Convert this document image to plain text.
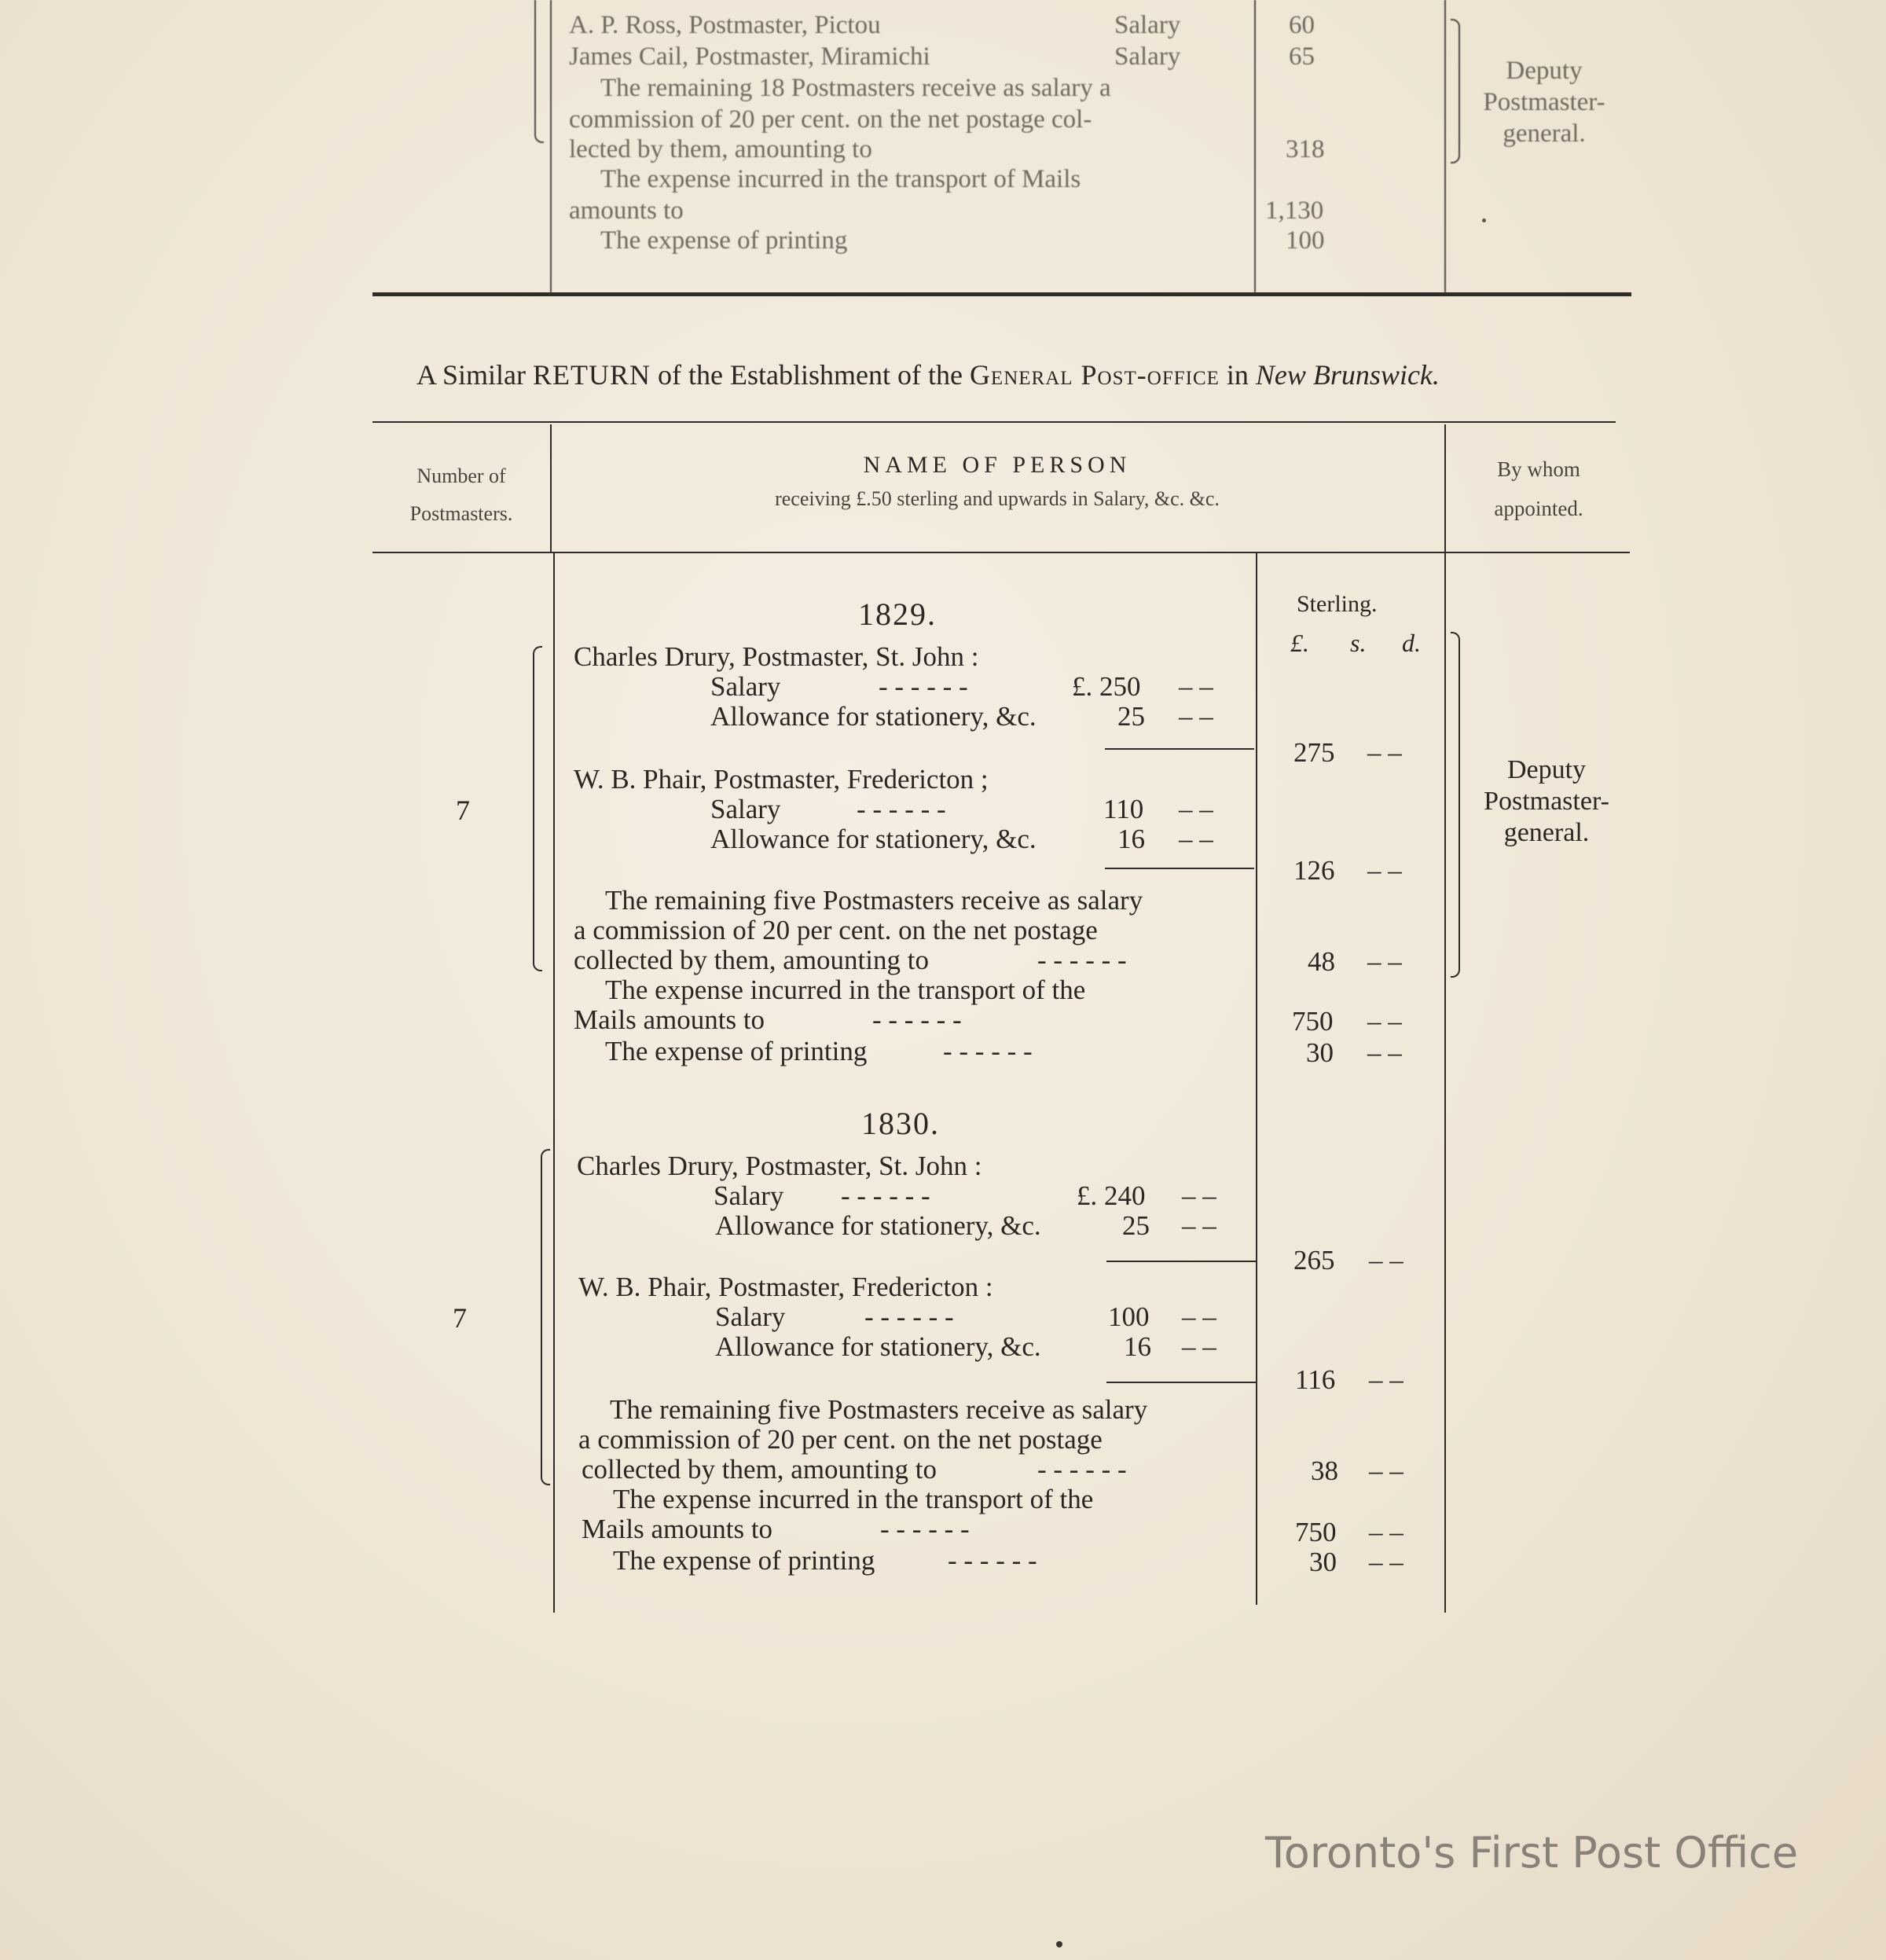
A. P. Ross, Postmaster, Pictou	Salary	60
James Cail, Postmaster, Miramichi	Salary	65
The remaining 18 Postmasters receive as salary a
commission of 20 per cent. on the net postage col-
lected by them, amounting to	318
The expense incurred in the transport of Mails
amounts to	1,130
The expense of printing	100
Deputy
Postmaster-
general.
A Similar RETURN of the Establishment of the General Post-office in New Brunswick.
Number of
Postmasters.
NAME OF PERSON
receiving £.50 sterling and upwards in Salary, &c. &c.
By whom
appointed.
Sterling.
£. s. d.
1829.
7
Charles Drury, Postmaster, St. John :
Salary	- - - - - -	£. 250 – –
Allowance for stationery, &c.	25 – –
275 – –
W. B. Phair, Postmaster, Fredericton ;
Salary	- - - - - -	110 – –
Allowance for stationery, &c.	16 – –
126 – –
The remaining five Postmasters receive as salary
a commission of 20 per cent. on the net postage
collected by them, amounting to	- - - - - -	48 – –
The expense incurred in the transport of the
Mails amounts to	- - - - - -	750 – –
The expense of printing	- - - - - -	30 – –
Deputy
Postmaster-
general.
1830.
7
Charles Drury, Postmaster, St. John :
Salary - - - - - -	£. 240 – –
Allowance for stationery, &c.	25 – –
265 – –
W. B. Phair, Postmaster, Fredericton :
Salary	- - - - - -	100 – –
Allowance for stationery, &c.	16 – –
116 – –
The remaining five Postmasters receive as salary
a commission of 20 per cent. on the net postage
collected by them, amounting to	- - - - - -	38 – –
The expense incurred in the transport of the
Mails amounts to	- - - - - -	750 – –
The expense of printing	- - - - - -	30 – –
Toronto's First Post Office
